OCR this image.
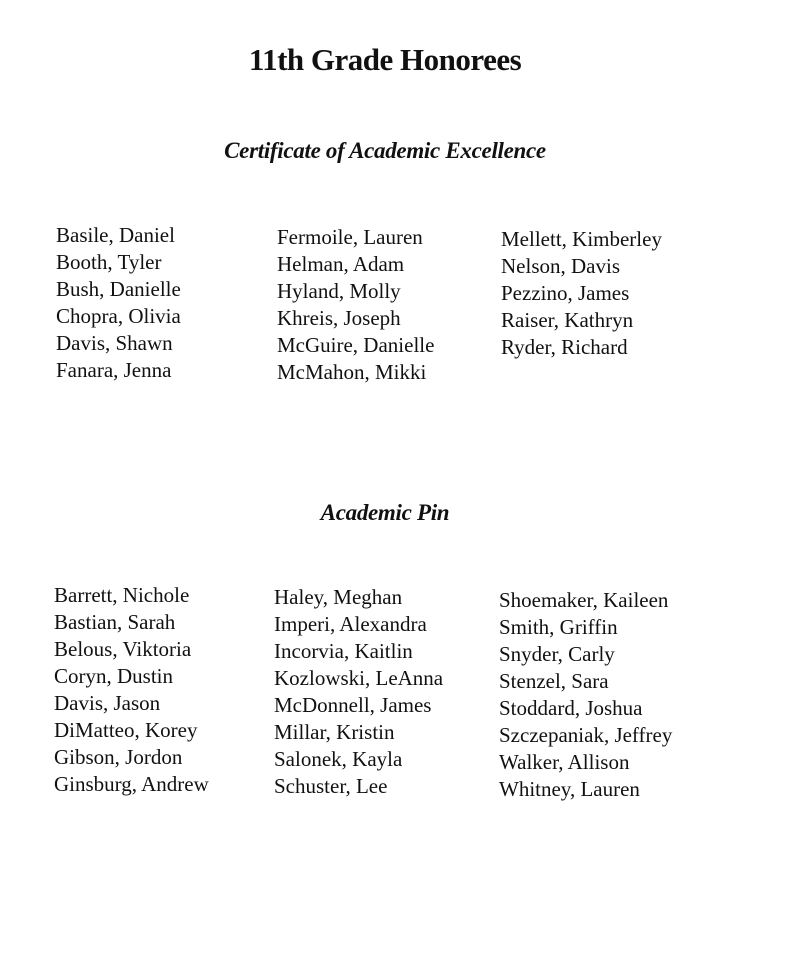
11th Grade Honorees
Certificate of Academic Excellence
Basile, Daniel
Booth, Tyler
Bush, Danielle
Chopra, Olivia
Davis, Shawn
Fanara, Jenna
Fermoile, Lauren
Helman, Adam
Hyland, Molly
Khreis, Joseph
McGuire, Danielle
McMahon, Mikki
Mellett, Kimberley
Nelson, Davis
Pezzino, James
Raiser, Kathryn
Ryder, Richard
Academic Pin
Barrett, Nichole
Bastian, Sarah
Belous, Viktoria
Coryn, Dustin
Davis, Jason
DiMatteo, Korey
Gibson, Jordon
Ginsburg, Andrew
Haley, Meghan
Imperi, Alexandra
Incorvia, Kaitlin
Kozlowski, LeAnna
McDonnell, James
Millar, Kristin
Salonek, Kayla
Schuster, Lee
Shoemaker, Kaileen
Smith, Griffin
Snyder, Carly
Stenzel, Sara
Stoddard, Joshua
Szczepaniak, Jeffrey
Walker, Allison
Whitney, Lauren
